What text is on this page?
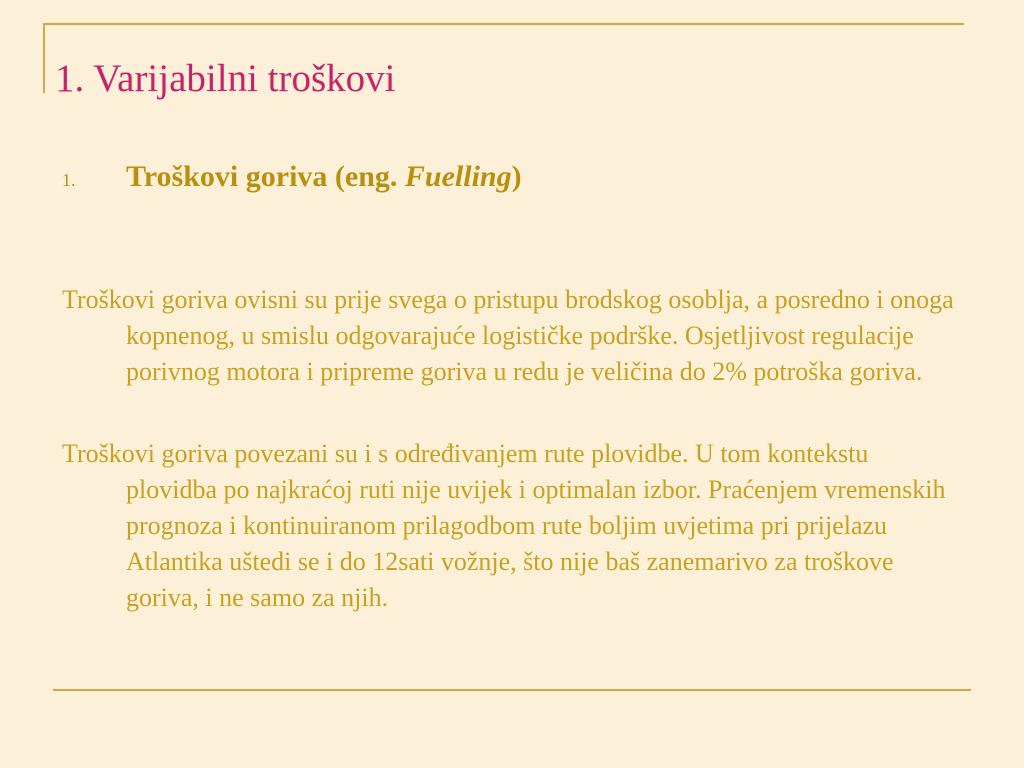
1. Varijabilni troškovi
1.	Troškovi goriva (eng. Fuelling)

Troškovi goriva ovisni su prije svega o pristupu brodskog osoblja, a posredno i onoga kopnenog, u smislu odgovarajuće logističke podrške. Osjetljivost regulacije porivnog motora i pripreme goriva u redu je veličina do 2% potroška goriva.

Troškovi goriva povezani su i s određivanjem rute plovidbe. U tom kontekstu plovidba po najkraćoj ruti nije uvijek i optimalan izbor. Praćenjem vremenskih prognoza i kontinuiranom prilagodbom rute boljim uvjetima pri prijelazu Atlantika uštedi se i do 12sati vožnje, što nije baš zanemarivo za troškove goriva, i ne samo za njih.
